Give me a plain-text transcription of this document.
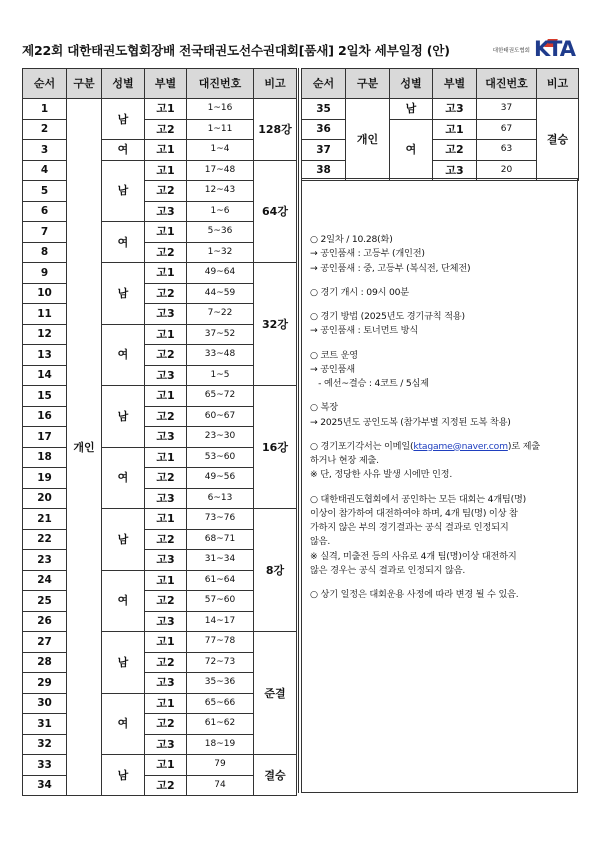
제22회 대한태권도협회장배 전국태권도선수권대회[품새] 2일차 세부일정 (안)	대한태권도협회 K
TA
순서	구분	성별	부별	대진번호	비고
1	개인	남	고1	1~16	128강
2			고2	1~11	
3		여	고1	1~4	
4		남	고1	17~48	64강
5			고2	12~43	
6			고3	1~6	
7		여	고1	5~36	
8			고2	1~32	
9		남	고1	49~64	32강
10			고2	44~59	
11			고3	7~22	
12		여	고1	37~52	
13			고2	33~48	
14			고3	1~5	
15		남	고1	65~72	16강
16			고2	60~67	
17			고3	23~30	
18		여	고1	53~60	
19			고2	49~56	
20			고3	6~13	
21		남	고1	73~76	8강
22			고2	68~71	
23			고3	31~34	
24		여	고1	61~64	
25			고2	57~60	
26			고3	14~17	
27		남	고1	77~78	준결
28			고2	72~73	
29			고3	35~36	
30		여	고1	65~66	
31			고2	61~62	
32			고3	18~19	
33		남	고1	79	결승
34			고2	74	
순서	구분	성별	부별	대진번호	비고
35	개인	남	고3	37	결승
36		여	고1	67	
37			고2	63	
38			고3	20	
○ 2일차 / 10.28(화)
→ 공인품새 : 고등부 (개인전)
→ 공인품새 : 중, 고등부 (복식전, 단체전)
○ 경기 개시 : 09시 00분
○ 경기 방법 (2025년도 경기규칙 적용)
→ 공인품새 : 토너먼트 방식
○ 코트 운영
→ 공인품새
- 예선~결승 : 4코트 / 5심제
○ 복장
→ 2025년도 공인도복 (참가부별 지정된 도복 착용)
○ 경기포기각서는 이메일(ktagame@naver.com)로 제출
하거나 현장 제출.
※ 단, 정당한 사유 발생 시에만 인정.
○ 대한태권도협회에서 공인하는 모든 대회는 4개팀(명)
이상이 참가하여 대전하여야 하며, 4개 팀(명) 이상 참
가하지 않은 부의 경기결과는 공식 결과로 인정되지
않음.
※ 실격, 미출전 등의 사유로 4개 팀(명)이상 대전하지
않은 경우는 공식 결과로 인정되지 않음.
○ 상기 일정은 대회운용 사정에 따라 변경 될 수 있음.
